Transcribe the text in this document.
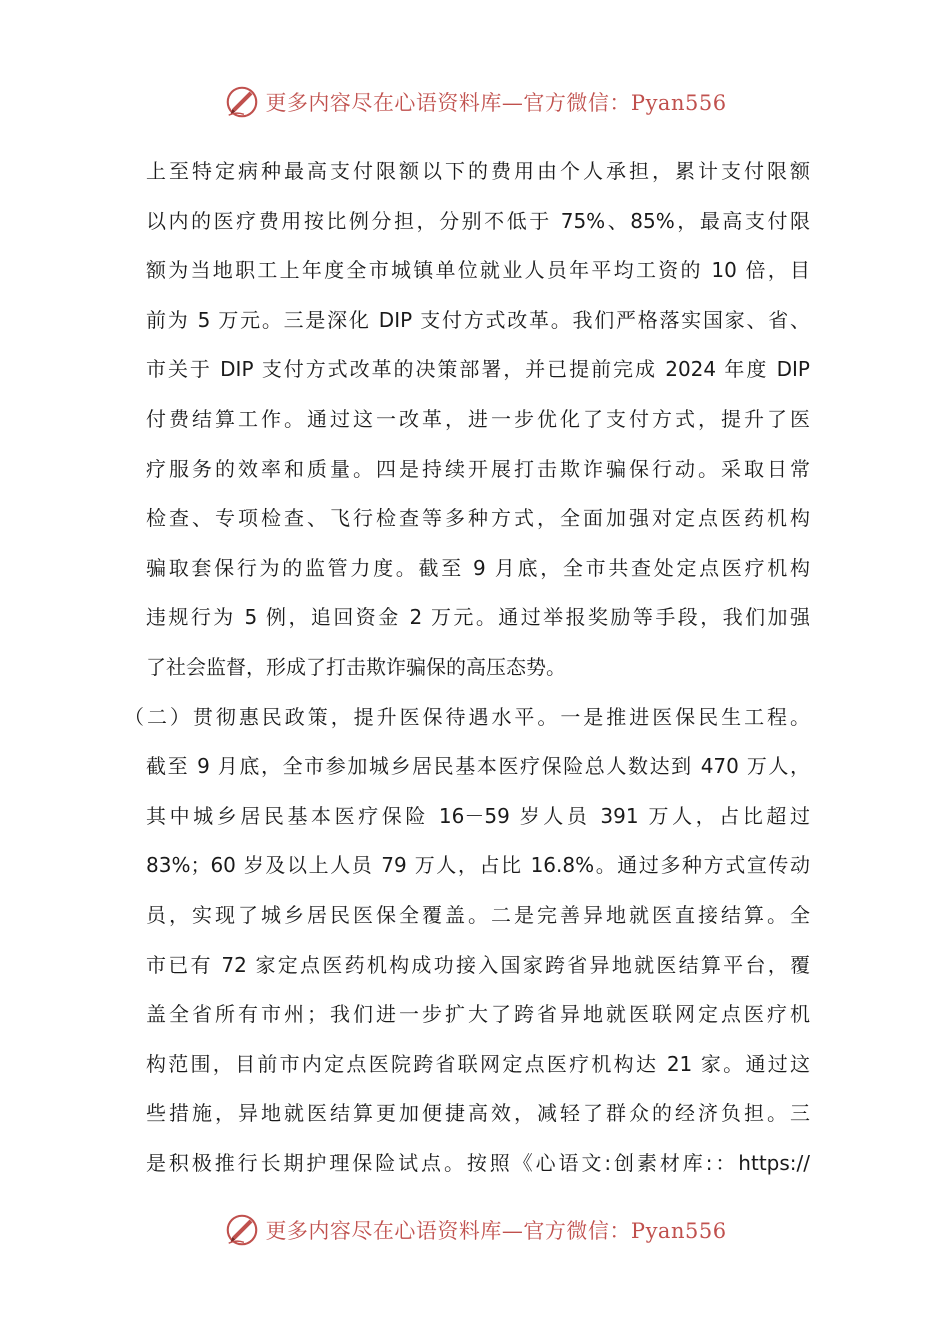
更多内容尽在心语资料库—官方微信：Pyan556
上至特定病种最高支付限额以下的费用由个人承担，累计支付限额
以内的医疗费用按比例分担，分别不低于 75%、85%，最高支付限
额为当地职工上年度全市城镇单位就业人员年平均工资的 10 倍，目
前为 5 万元。三是深化 DIP 支付方式改革。我们严格落实国家、省、
市关于 DIP 支付方式改革的决策部署，并已提前完成 2024 年度 DIP
付费结算工作。通过这一改革，进一步优化了支付方式，提升了医
疗服务的效率和质量。四是持续开展打击欺诈骗保行动。采取日常
检查、专项检查、飞行检查等多种方式，全面加强对定点医药机构
骗取套保行为的监管力度。截至 9 月底，全市共查处定点医疗机构
违规行为 5 例，追回资金 2 万元。通过举报奖励等手段，我们加强
了社会监督，形成了打击欺诈骗保的高压态势。
（二）贯彻惠民政策，提升医保待遇水平。一是推进医保民生工程。
截至 9 月底，全市参加城乡居民基本医疗保险总人数达到 470 万人，
其中城乡居民基本医疗保险 16－59 岁人员 391 万人，占比超过
83%；60 岁及以上人员 79 万人，占比 16.8%。通过多种方式宣传动
员，实现了城乡居民医保全覆盖。二是完善异地就医直接结算。全
市已有 72 家定点医药机构成功接入国家跨省异地就医结算平台，覆
盖全省所有市州；我们进一步扩大了跨省异地就医联网定点医疗机
构范围，目前市内定点医院跨省联网定点医疗机构达 21 家。通过这
些措施，异地就医结算更加便捷高效，减轻了群众的经济负担。三
是积极推行长期护理保险试点。按照《心语文:创素材库:：https://
更多内容尽在心语资料库—官方微信：Pyan556
